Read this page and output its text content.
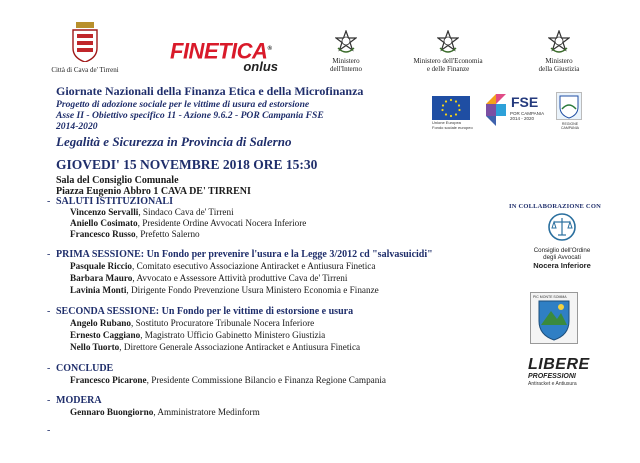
Città di Cava de' Tirreni
FINETICA®
onlus	Ministero
dell'Interno
Ministero dell'Economia
e delle Finanze
Ministero
della Giustizia
Unione Europea
Fondo sociale europeo
FSE
POR CAMPANIA
2014 - 2020
REGIONE CAMPANIA
Giornate Nazionali della Finanza Etica e della Microfinanza
Progetto di adozione sociale per le vittime di usura ed estorsione
Asse II - Obiettivo specifico 11 - Azione 9.6.2 - POR Campania FSE
2014-2020
Legalità e Sicurezza in Provincia di Salerno
GIOVEDI' 15 NOVEMBRE 2018 ORE 15:30
Sala del Consiglio Comunale
Piazza Eugenio Abbro 1 CAVA DE' TIRRENI
- SALUTI ISTITUZIONALI
Vincenzo Servalli, Sindaco Cava de' Tirreni
Aniello Cosimato, Presidente Ordine Avvocati Nocera Inferiore
Francesco Russo, Prefetto Salerno
- PRIMA SESSIONE: Un Fondo per prevenire l'usura e la Legge 3/2012 cd "salvasuicidi"
Pasquale Riccio, Comitato esecutivo Associazione Antiracket e Antiusura Finetica
Barbara Mauro, Avvocato e Assessore Attività produttive Cava de' Tirreni
Lavinia Monti, Dirigente Fondo Prevenzione Usura Ministero Economia e Finanze
- SECONDA SESSIONE: Un Fondo per le vittime di estorsione e usura
Angelo Rubano, Sostituto Procuratore Tribunale Nocera Inferiore
Ernesto Caggiano, Magistrato Ufficio Gabinetto Ministero Giustizia
Nello Tuorto, Direttore Generale Associazione Antiracket e Antiusura Finetica
- CONCLUDE
Francesco Picarone, Presidente Commissione Bilancio e Finanza Regione Campania
- MODERA
Gennaro Buongiorno, Amministratore Medinform
-
IN COLLABORAZIONE CON
Consiglio dell'Ordine
degli Avvocati
Nocera Inferiore
PIC MONTE SOMMA
LIBERE
PROFESSIONI
Antiracket e Antiusura
